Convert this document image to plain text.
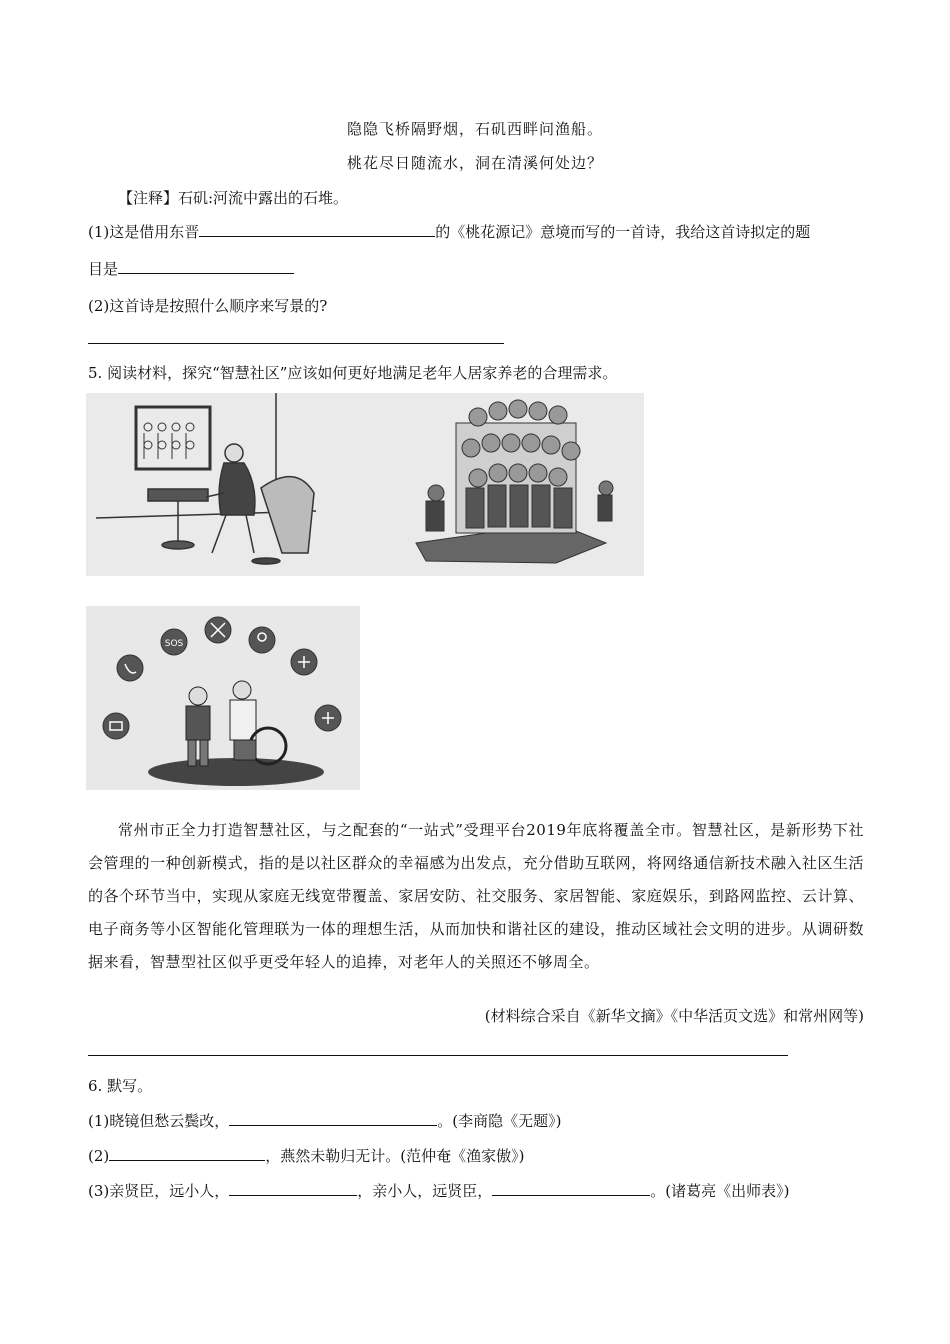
隐隐飞桥隔野烟，石矶西畔问渔船。
桃花尽日随流水，洞在清溪何处边？
【注释】石矶:河流中露出的石堆。
(1)这是借用东晋	的《桃花源记》意境而写的一首诗，我给这首诗拟定的题
目是
(2)这首诗是按照什么顺序来写景的?
5. 阅读材料，探究“智慧社区”应该如何更好地满足老年人居家养老的合理需求。
SOS
常州市正全力打造智慧社区，与之配套的“一站式”受理平台2019年底将覆盖全市。智慧社区，是新形势下社会管理的一种创新模式，指的是以社区群众的幸福感为出发点，充分借助互联网，将网络通信新技术融入社区生活的各个环节当中，实现从家庭无线宽带覆盖、家居安防、社交服务、家居智能、家庭娱乐，到路网监控、云计算、电子商务等小区智能化管理联为一体的理想生活，从而加快和谐社区的建设，推动区域社会文明的进步。从调研数据来看，智慧型社区似乎更受年轻人的追捧，对老年人的关照还不够周全。
(材料综合采自《新华文摘》《中华活页文选》和常州网等)
6. 默写。
(1)晓镜但愁云鬓改，	。(李商隐《无题》)
(2)	，燕然未勒归无计。(范仲奄《渔家傲》)
(3)亲贤臣，远小人，	，亲小人，远贤臣，	。(诸葛亮《出师表》)
